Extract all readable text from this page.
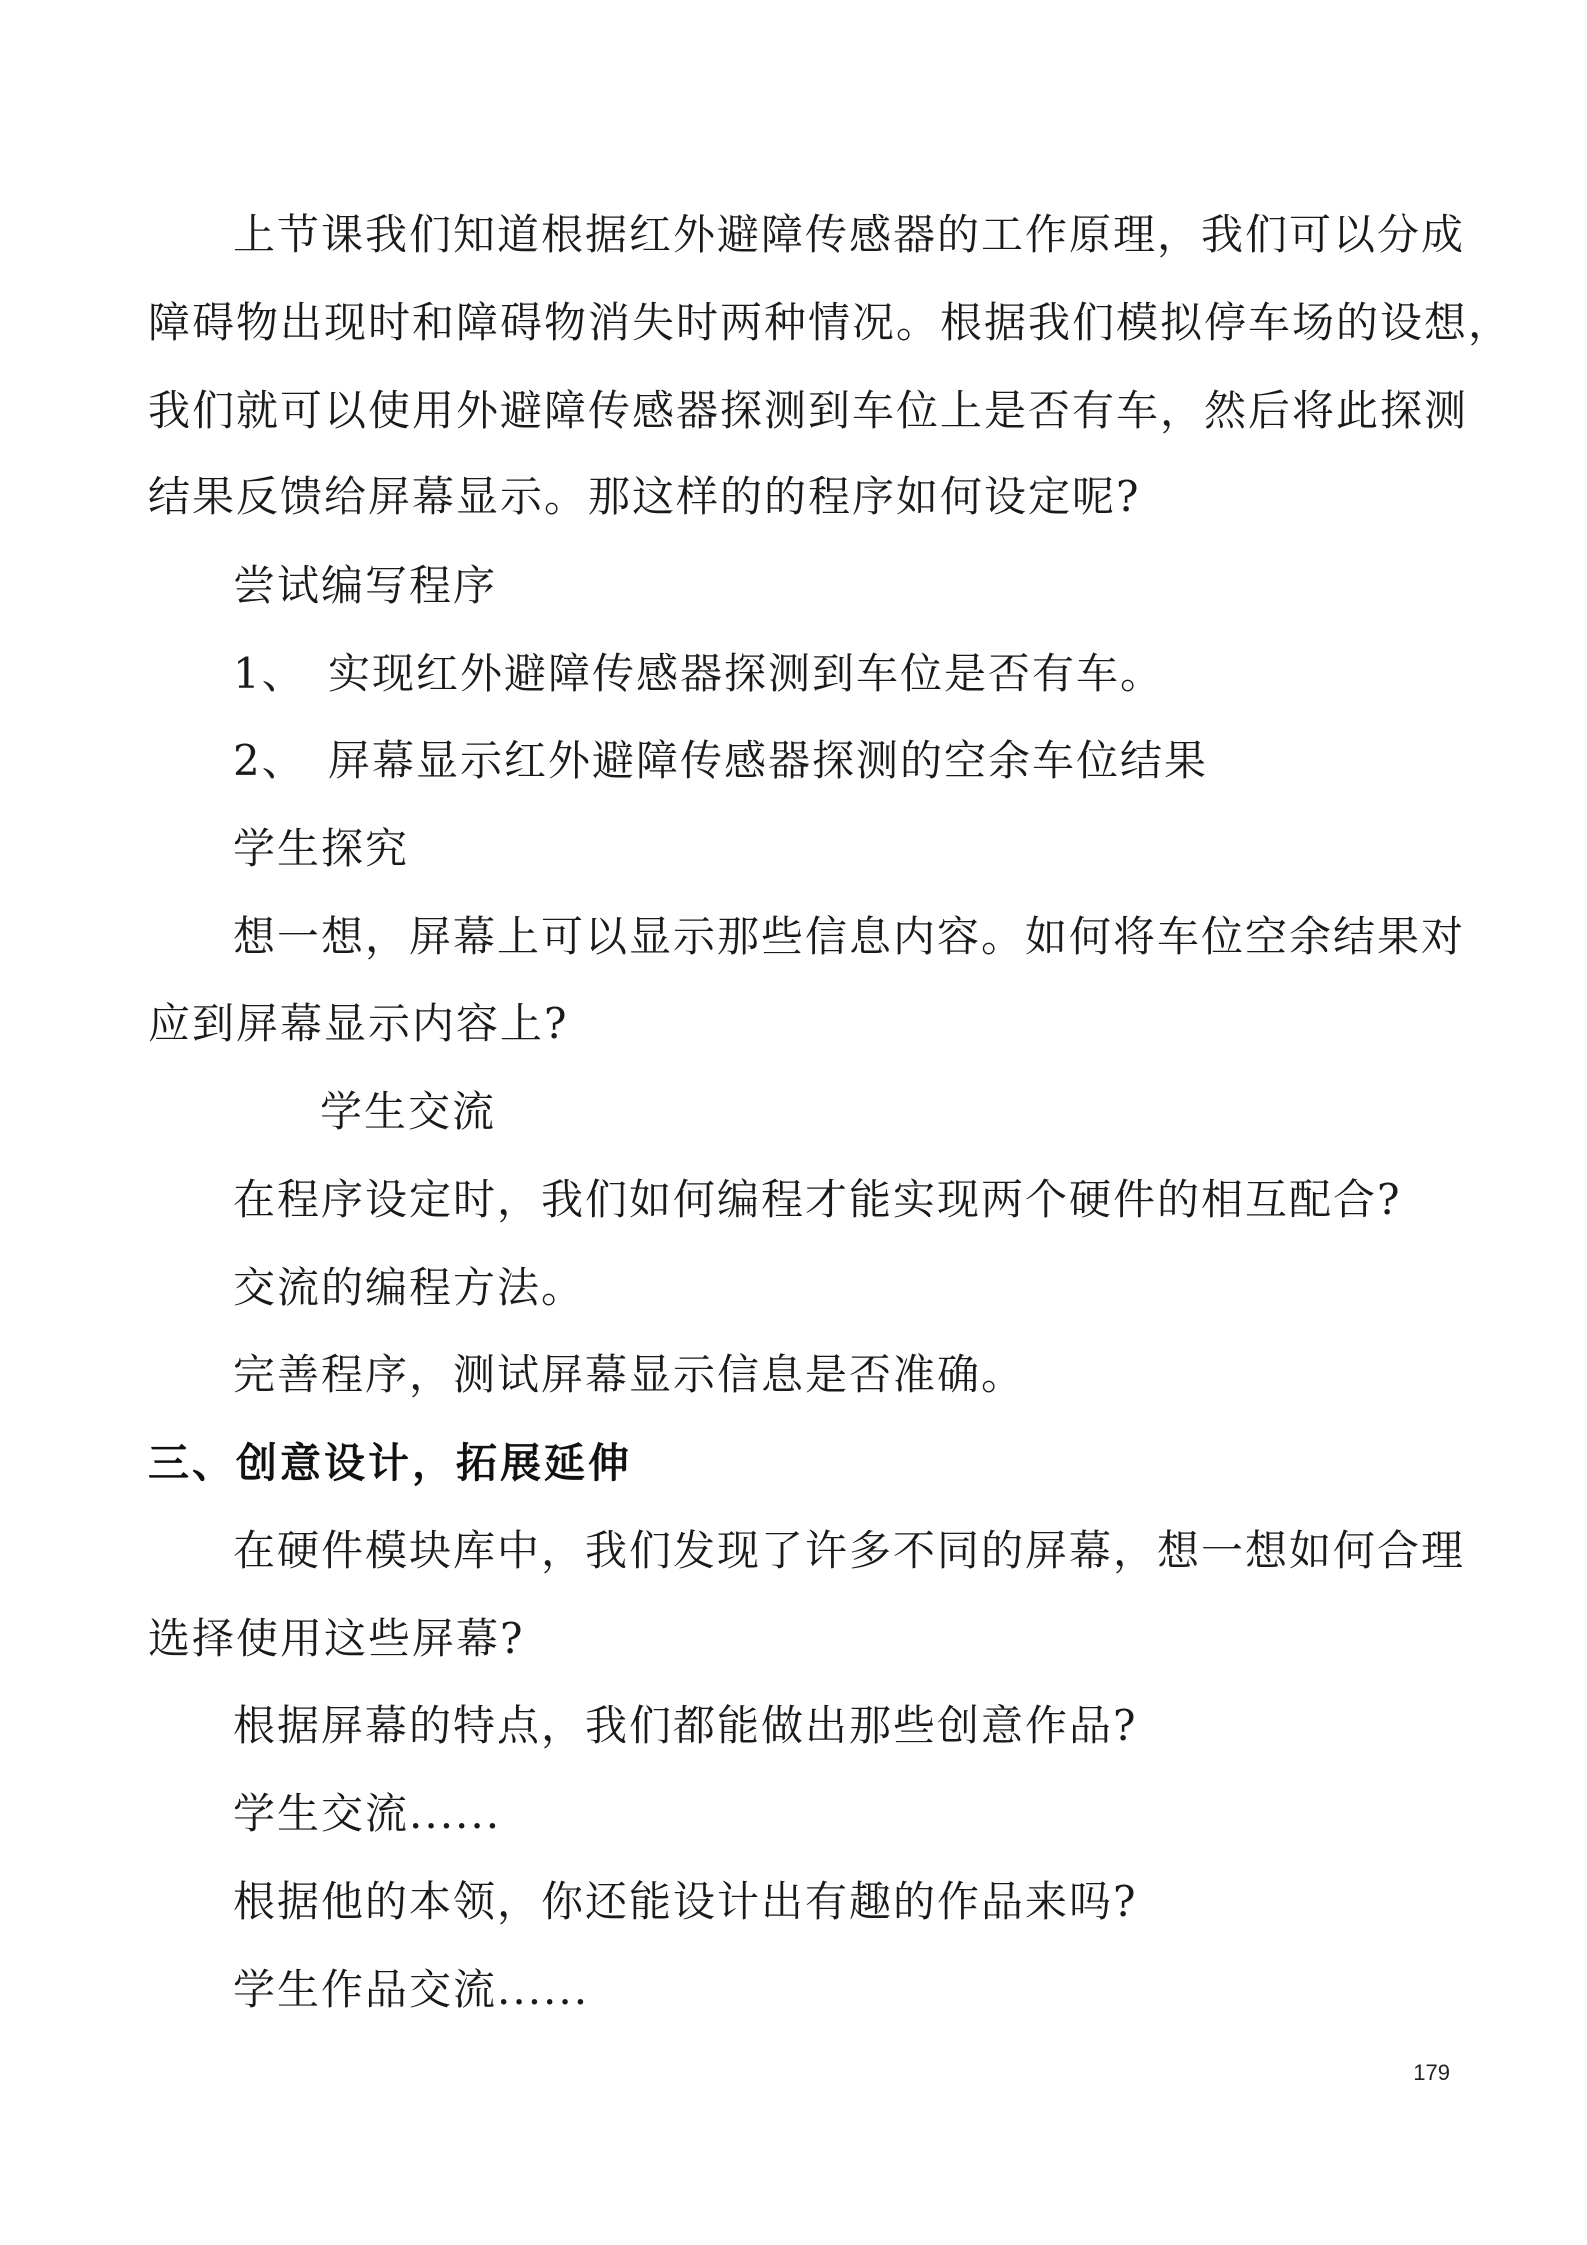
上节课我们知道根据红外避障传感器的工作原理，我们可以分成
障碍物出现时和障碍物消失时两种情况。根据我们模拟停车场的设想，
我们就可以使用外避障传感器探测到车位上是否有车，然后将此探测
结果反馈给屏幕显示。那这样的的程序如何设定呢?
尝试编写程序
1、 实现红外避障传感器探测到车位是否有车。
2、 屏幕显示红外避障传感器探测的空余车位结果
学生探究
想一想，屏幕上可以显示那些信息内容。如何将车位空余结果对
应到屏幕显示内容上?
学生交流
在程序设定时，我们如何编程才能实现两个硬件的相互配合?
交流的编程方法。
完善程序，测试屏幕显示信息是否准确。
三、创意设计，拓展延伸
在硬件模块库中，我们发现了许多不同的屏幕，想一想如何合理
选择使用这些屏幕?
根据屏幕的特点，我们都能做出那些创意作品?
学生交流......
根据他的本领，你还能设计出有趣的作品来吗?
学生作品交流......
179
